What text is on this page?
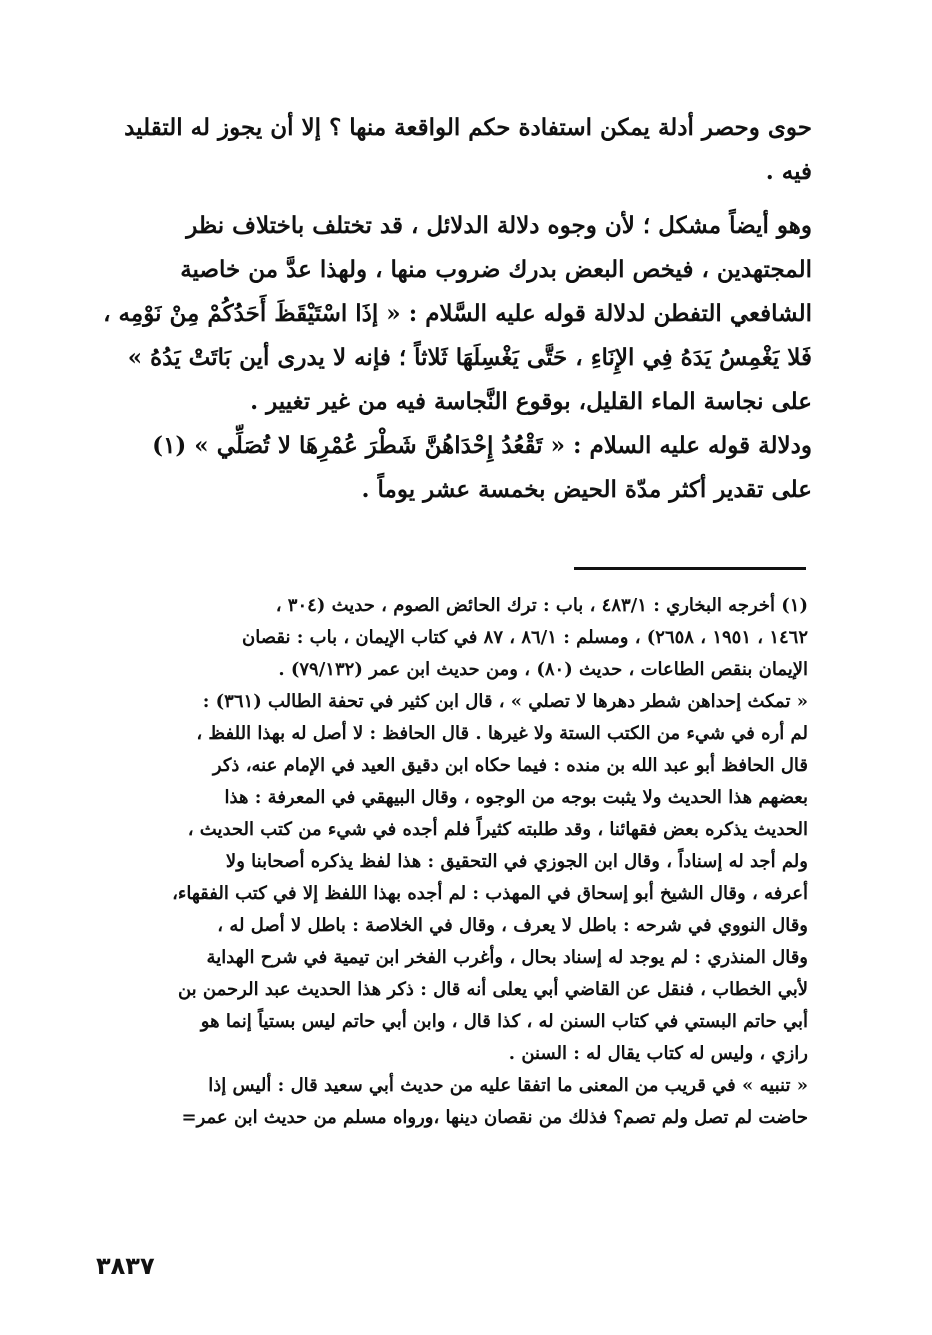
حوى وحصر أدلة يمكن استفادة حكم الواقعة منها ؟ إلا أن يجوز له التقليد
فيه .
وهو أيضاً مشكل ؛ لأن وجوه دلالة الدلائل ، قد تختلف باختلاف نظر
المجتهدين ، فيخص البعض بدرك ضروب منها ، ولهذا عدَّ من خاصية
الشافعي التفطن لدلالة قوله عليه السَّلام : « إذَا اسْتَيْقَظَ أَحَدُكُمْ مِنْ نَوْمِه ،
فَلا يَغْمِسُ يَدَهُ فِي الإِنَاءِ ، حَتَّى يَغْسِلَهَا ثَلاثاً ؛ فإنه لا يدرى أين بَاتَتْ يَدُهُ »
على نجاسة الماء القليل، بوقوع النَّجاسة فيه من غير تغيير .
ودلالة قوله عليه السلام : « تَقْعُدُ إِحْدَاهُنَّ شَطْرَ عُمْرِهَا لا تُصَلِّي » (١)
على تقدير أكثر مدّة الحيض بخمسة عشر يوماً .
(١) أخرجه البخاري : ٤٨٣/١ ، باب : ترك الحائض الصوم ، حديث (٣٠٤ ،
١٤٦٢ ، ١٩٥١ ، ٢٦٥٨) ، ومسلم : ٨٦/١ ، ٨٧ في كتاب الإيمان ، باب : نقصان
الإيمان بنقص الطاعات ، حديث (٨٠) ، ومن حديث ابن عمر (٧٩/١٣٢) .
« تمكث إحداهن شطر دهرها لا تصلي » ، قال ابن كثير في تحفة الطالب (٣٦١) :
لم أره في شيء من الكتب الستة ولا غيرها . قال الحافظ : لا أصل له بهذا اللفظ ،
قال الحافظ أبو عبد الله بن منده : فيما حكاه ابن دقيق العيد في الإمام عنه، ذكر
بعضهم هذا الحديث ولا يثبت بوجه من الوجوه ، وقال البيهقي في المعرفة : هذا
الحديث يذكره بعض فقهائنا ، وقد طلبته كثيراً فلم أجده في شيء من كتب الحديث ،
ولم أجد له إسناداً ، وقال ابن الجوزي في التحقيق : هذا لفظ يذكره أصحابنا ولا
أعرفه ، وقال الشيخ أبو إسحاق في المهذب : لم أجده بهذا اللفظ إلا في كتب الفقهاء،
وقال النووي في شرحه : باطل لا يعرف ، وقال في الخلاصة : باطل لا أصل له ،
وقال المنذري : لم يوجد له إسناد بحال ، وأغرب الفخر ابن تيمية في شرح الهداية
لأبي الخطاب ، فنقل عن القاضي أبي يعلى أنه قال : ذكر هذا الحديث عبد الرحمن بن
أبي حاتم البستي في كتاب السنن له ، كذا قال ، وابن أبي حاتم ليس بستياً إنما هو
رازي ، وليس له كتاب يقال له : السنن .
« تنبيه » في قريب من المعنى ما اتفقا عليه من حديث أبي سعيد قال : أليس إذا
حاضت لم تصل ولم تصم؟ فذلك من نقصان دينها ،ورواه مسلم من حديث ابن عمر=
٣٨٣٧
